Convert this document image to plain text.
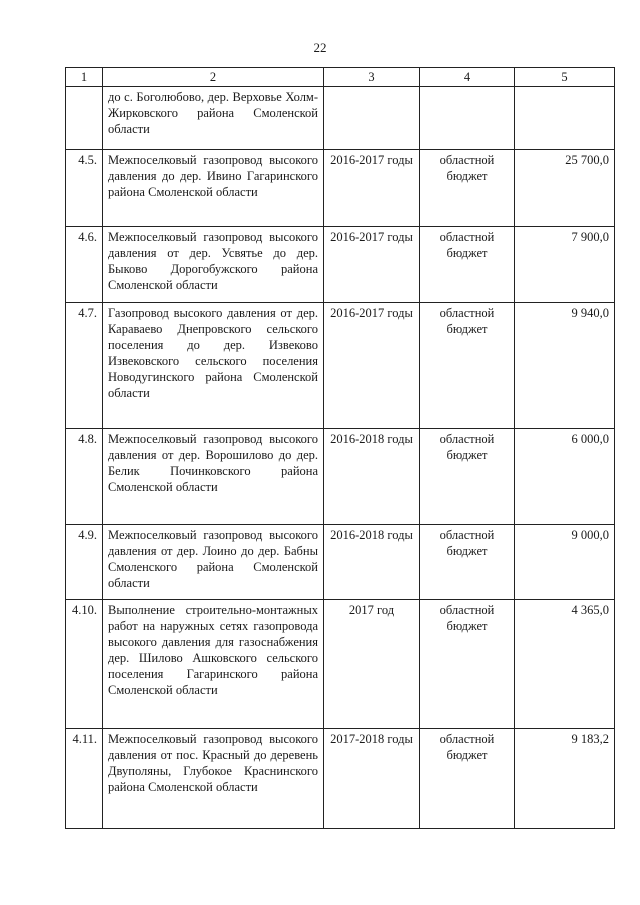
22
1	2	3	4	5
	до с. Боголюбово, дер. Верховье Холм-Жирковского района Смоленской области			
4.5.	Межпоселковый газопровод высокого давления до дер. Ивино Гагаринского района Смоленской области	2016-2017 годы	областной бюджет	25 700,0
4.6.	Межпоселковый газопровод высокого давления от дер. Усвятье до дер. Быково Дорогобужского района Смоленской области	2016-2017 годы	областной бюджет	7 900,0
4.7.	Газопровод высокого давления от дер. Караваево Днепровского сельского поселения до дер. Извеково Извековского сельского поселения Новодугинского района Смоленской области	2016-2017 годы	областной бюджет	9 940,0
4.8.	Межпоселковый газопровод высокого давления от дер. Ворошилово до дер. Белик Починковского района Смоленской области	2016-2018 годы	областной бюджет	6 000,0
4.9.	Межпоселковый газопровод высокого давления от дер. Лоино до дер. Бабны Смоленского района Смоленской области	2016-2018 годы	областной бюджет	9 000,0
4.10.	Выполнение строительно-монтажных работ на наружных сетях газопровода высокого давления для газоснабжения дер. Шилово Ашковского сельского поселения Гагаринского района Смоленской области	2017 год	областной бюджет	4 365,0
4.11.	Межпоселковый газопровод высокого давления от пос. Красный до деревень Двуполяны, Глубокое Краснинского района Смоленской области	2017-2018 годы	областной бюджет	9 183,2
